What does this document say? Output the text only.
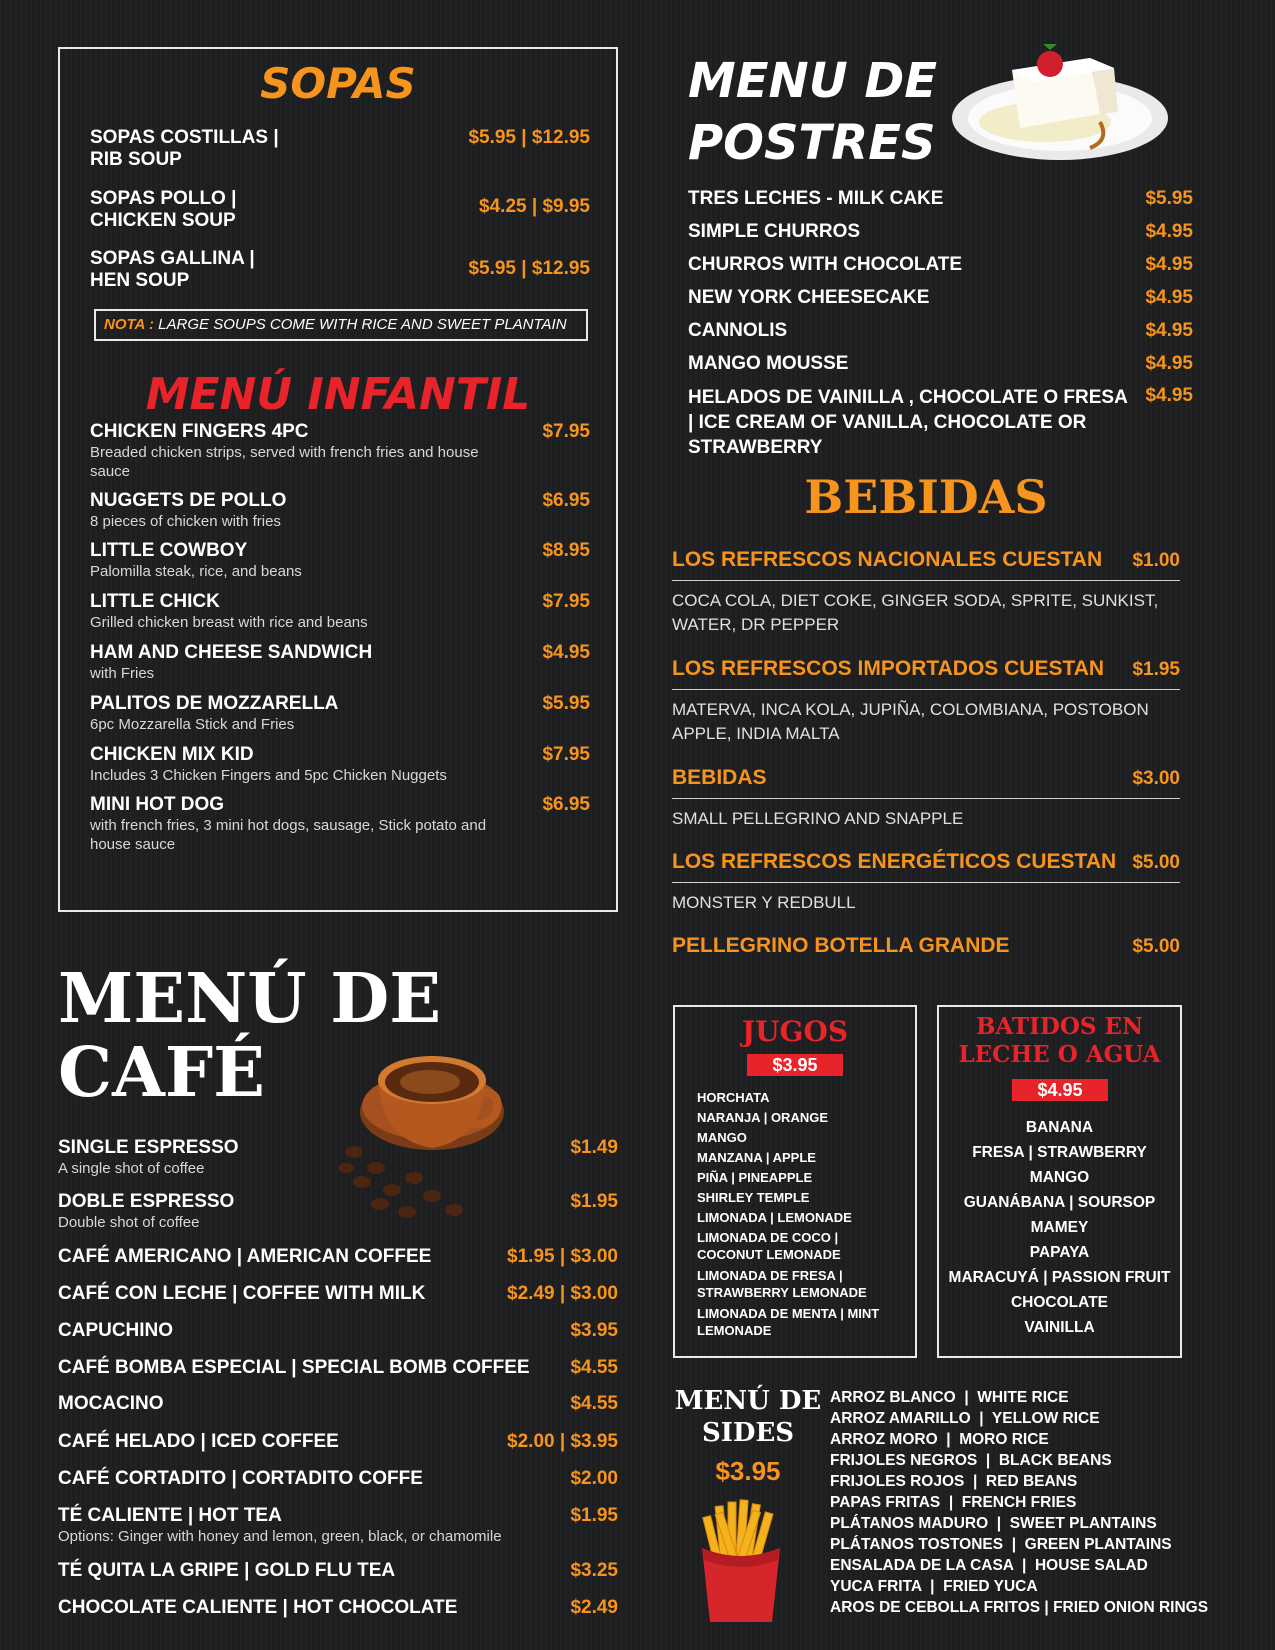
SOPAS
SOPAS COSTILLAS |
RIB SOUP
$5.95 | $12.95
SOPAS POLLO |
CHICKEN SOUP
$4.25 | $9.95
SOPAS GALLINA |
HEN SOUP
$5.95 | $12.95
NOTA : LARGE SOUPS COME WITH RICE AND SWEET PLANTAIN
MENÚ INFANTIL
CHICKEN FINGERS 4PC
Breaded chicken strips, served with french fries and house sauce
$7.95
NUGGETS DE POLLO
8 pieces of chicken with fries
$6.95
LITTLE COWBOY
Palomilla steak, rice, and beans
$8.95
LITTLE CHICK
Grilled chicken breast with rice and beans
$7.95
HAM AND CHEESE SANDWICH
with Fries
$4.95
PALITOS DE MOZZARELLA
6pc Mozzarella Stick and Fries
$5.95
CHICKEN MIX KID
Includes 3 Chicken Fingers and 5pc Chicken Nuggets
$7.95
MINI HOT DOG
with french fries, 3 mini hot dogs, sausage, Stick potato and house sauce
$6.95
MENÚ DE
CAFÉ
SINGLE ESPRESSO
A single shot of coffee
$1.49
DOBLE ESPRESSO
Double shot of coffee
$1.95
CAFÉ AMERICANO | AMERICAN COFFEE	$1.95 | $3.00
CAFÉ CON LECHE | COFFEE WITH MILK	$2.49 | $3.00
CAPUCHINO	$3.95
CAFÉ BOMBA ESPECIAL | SPECIAL BOMB COFFEE	$4.55
MOCACINO	$4.55
CAFÉ HELADO | ICED COFFEE	$2.00 | $3.95
CAFÉ CORTADITO | CORTADITO COFFE	$2.00
TÉ CALIENTE | HOT TEA
Options: Ginger with honey and lemon, green, black, or chamomile
$1.95
TÉ QUITA LA GRIPE | GOLD FLU TEA	$3.25
CHOCOLATE CALIENTE | HOT CHOCOLATE	$2.49
MENU DE
POSTRES
TRES LECHES - MILK CAKE	$5.95
SIMPLE CHURROS	$4.95
CHURROS WITH CHOCOLATE	$4.95
NEW YORK CHEESECAKE	$4.95
CANNOLIS	$4.95
MANGO MOUSSE	$4.95
HELADOS DE VAINILLA , CHOCOLATE O FRESA | ICE CREAM OF VANILLA, CHOCOLATE OR STRAWBERRY
$4.95
BEBIDAS
LOS REFRESCOS NACIONALES CUESTAN $1.00
COCA COLA, DIET COKE, GINGER SODA, SPRITE, SUNKIST, WATER, DR PEPPER
LOS REFRESCOS IMPORTADOS CUESTAN $1.95
MATERVA, INCA KOLA, JUPIÑA, COLOMBIANA, POSTOBON APPLE, INDIA MALTA
BEBIDAS	$3.00
SMALL PELLEGRINO AND SNAPPLE
LOS REFRESCOS ENERGÉTICOS CUESTAN $5.00
MONSTER Y REDBULL
PELLEGRINO BOTELLA GRANDE	$5.00
JUGOS
$3.95
HORCHATA
NARANJA | ORANGE
MANGO
MANZANA | APPLE
PIÑA | PINEAPPLE
SHIRLEY TEMPLE
LIMONADA | LEMONADE
LIMONADA DE COCO | COCONUT LEMONADE
LIMONADA DE FRESA | STRAWBERRY LEMONADE
LIMONADA DE MENTA | MINT LEMONADE
BATIDOS EN
LECHE O AGUA
$4.95
BANANA
FRESA | STRAWBERRY
MANGO
GUANÁBANA | SOURSOP
MAMEY
PAPAYA
MARACUYÁ | PASSION FRUIT
CHOCOLATE
VAINILLA
MENÚ DE
SIDES
$3.95
ARROZ BLANCO  |  WHITE RICE
ARROZ AMARILLO  |  YELLOW RICE
ARROZ MORO  |  MORO RICE
FRIJOLES NEGROS  |  BLACK BEANS
FRIJOLES ROJOS  |  RED BEANS
PAPAS FRITAS  |  FRENCH FRIES
PLÁTANOS MADURO  |  SWEET PLANTAINS
PLÁTANOS TOSTONES  |  GREEN PLANTAINS
ENSALADA DE LA CASA  |  HOUSE SALAD
YUCA FRITA  |  FRIED YUCA
AROS DE CEBOLLA FRITOS | FRIED ONION RINGS
